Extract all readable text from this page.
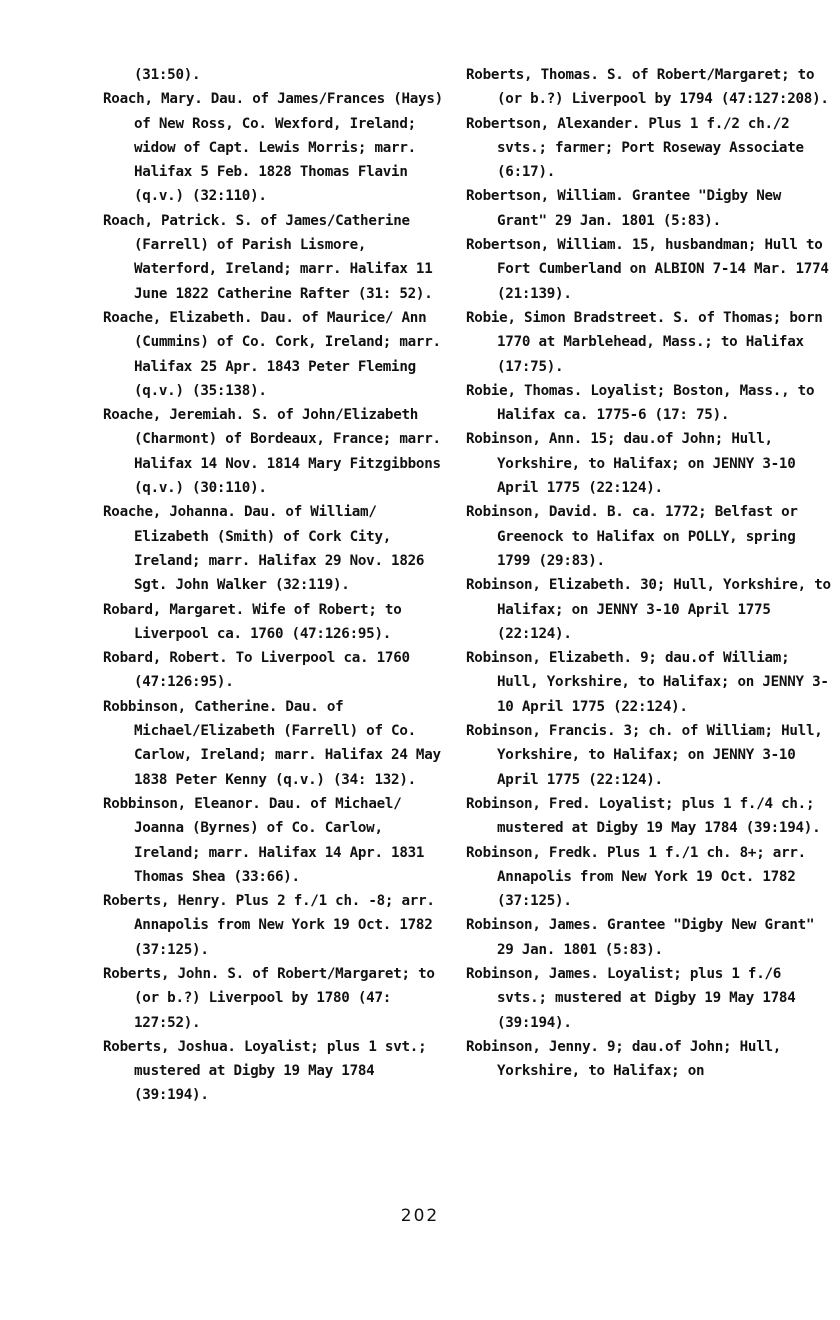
(31:50).

Roach, Mary. Dau. of James/Frances (Hays) of New Ross, Co. Wexford, Ireland; widow of Capt. Lewis Morris; marr. Halifax 5 Feb. 1828 Thomas Flavin (q.v.) (32:110).

Roach, Patrick. S. of James/Catherine (Farrell) of Parish Lismore, Waterford, Ireland; marr. Halifax 11 June 1822 Catherine Rafter (31: 52).

Roache, Elizabeth. Dau. of Maurice/ Ann (Cummins) of Co. Cork, Ireland; marr. Halifax 25 Apr. 1843 Peter Fleming (q.v.) (35:138).

Roache, Jeremiah. S. of John/Elizabeth (Charmont) of Bordeaux, France; marr. Halifax 14 Nov. 1814 Mary Fitzgibbons (q.v.) (30:110).

Roache, Johanna. Dau. of William/ Elizabeth (Smith) of Cork City, Ireland; marr. Halifax 29 Nov. 1826 Sgt. John Walker (32:119).

Robard, Margaret. Wife of Robert; to Liverpool ca. 1760 (47:126:95).

Robard, Robert. To Liverpool ca. 1760 (47:126:95).

Robbinson, Catherine. Dau. of Michael/Elizabeth (Farrell) of Co. Carlow, Ireland; marr. Halifax 24 May 1838 Peter Kenny (q.v.) (34: 132).

Robbinson, Eleanor. Dau. of Michael/ Joanna (Byrnes) of Co. Carlow, Ireland; marr. Halifax 14 Apr. 1831 Thomas Shea (33:66).

Roberts, Henry. Plus 2 f./1 ch. -8; arr. Annapolis from New York 19 Oct. 1782 (37:125).

Roberts, John. S. of Robert/Margaret; to (or b.?) Liverpool by 1780 (47: 127:52).

Roberts, Joshua. Loyalist; plus 1 svt.; mustered at Digby 19 May 1784 (39:194).

Roberts, Thomas. S. of Robert/Margaret; to (or b.?) Liverpool by 1794 (47:127:208).

Robertson, Alexander. Plus 1 f./2 ch./2 svts.; farmer; Port Roseway Associate (6:17).

Robertson, William. Grantee "Digby New Grant" 29 Jan. 1801 (5:83).

Robertson, William. 15, husbandman; Hull to Fort Cumberland on ALBION 7-14 Mar. 1774 (21:139).

Robie, Simon Bradstreet. S. of Thomas; born 1770 at Marblehead, Mass.; to Halifax (17:75).

Robie, Thomas. Loyalist; Boston, Mass., to Halifax ca. 1775-6 (17: 75).

Robinson, Ann. 15; dau.of John; Hull, Yorkshire, to Halifax; on JENNY 3-10 April 1775 (22:124).

Robinson, David. B. ca. 1772; Belfast or Greenock to Halifax on POLLY, spring 1799 (29:83).

Robinson, Elizabeth. 30; Hull, Yorkshire, to Halifax; on JENNY 3-10 April 1775 (22:124).

Robinson, Elizabeth. 9; dau.of William; Hull, Yorkshire, to Halifax; on JENNY 3-10 April 1775 (22:124).

Robinson, Francis. 3; ch. of William; Hull, Yorkshire, to Halifax; on JENNY 3-10 April 1775 (22:124).

Robinson, Fred. Loyalist; plus 1 f./4 ch.; mustered at Digby 19 May 1784 (39:194).

Robinson, Fredk. Plus 1 f./1 ch. 8+; arr. Annapolis from New York 19 Oct. 1782 (37:125).

Robinson, James. Grantee "Digby New Grant" 29 Jan. 1801 (5:83).

Robinson, James. Loyalist; plus 1 f./6 svts.; mustered at Digby 19 May 1784 (39:194).

Robinson, Jenny. 9; dau.of John; Hull, Yorkshire, to Halifax; on

202
